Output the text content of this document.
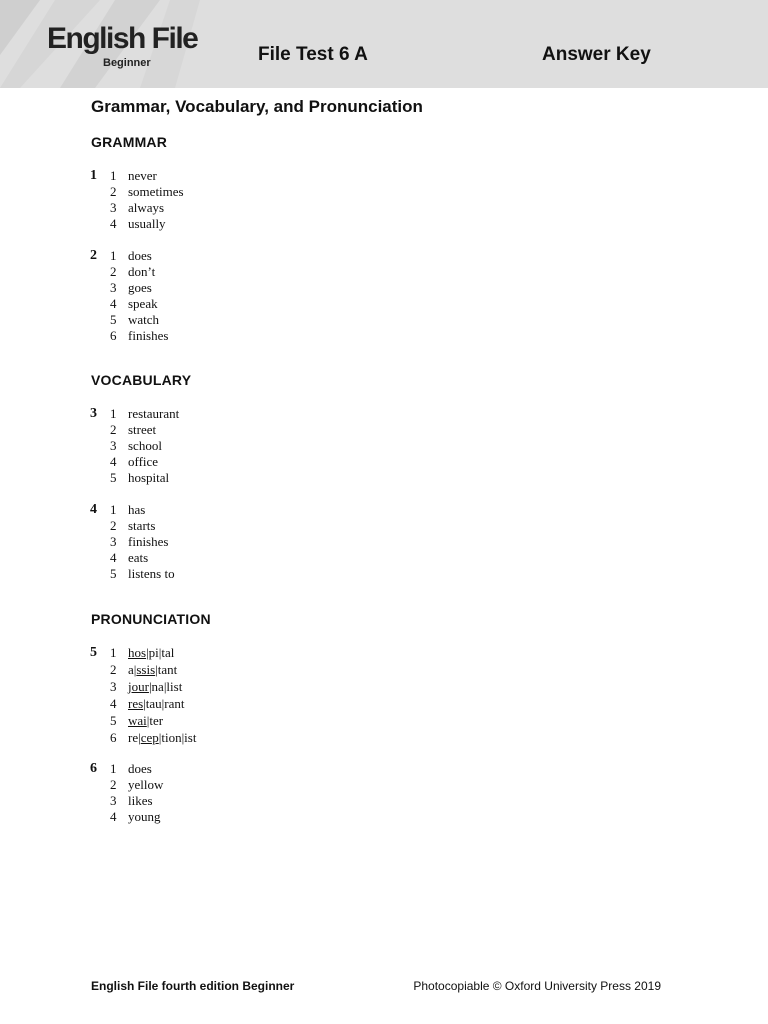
English File
Beginner	File Test 6 A	Answer Key
Grammar, Vocabulary, and Pronunciation
GRAMMAR
1 1 never
2 sometimes
3 always
4 usually
2 1 does
2 don’t
3 goes
4 speak
5 watch
6 finishes
VOCABULARY
3 1 restaurant
2 street
3 school
4 office
5 hospital
4 1 has
2 starts
3 finishes
4 eats
5 listens to
PRONUNCIATION
5 1 hos|pi|tal
2 a|ssis|tant
3 jour|na|list
4 res|tau|rant
5 wai|ter
6 re|cep|tion|ist
6 1 does
2 yellow
3 likes
4 young
English File fourth edition Beginner	Photocopiable © Oxford University Press 2019
